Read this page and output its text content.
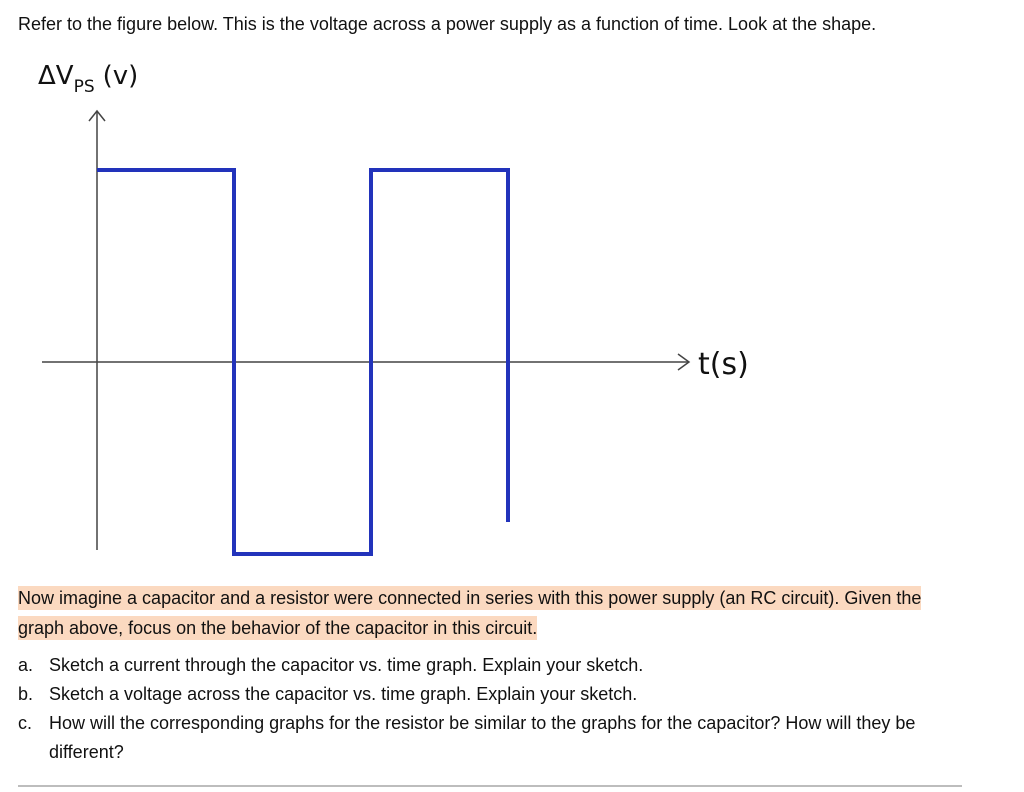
Refer to the figure below. This is the voltage across a power supply as a function of time. Look at the shape.
$\Delta V_{PS}$ (v)
t(s)
Now imagine a capacitor and a resistor were connected in series with this power supply (an RC circuit). Given the graph above, focus on the behavior of the capacitor in this circuit.
a. Sketch a current through the capacitor vs. time graph. Explain your sketch.
b. Sketch a voltage across the capacitor vs. time graph. Explain your sketch.
c. How will the corresponding graphs for the resistor be similar to the graphs for the capacitor? How will they be different?
